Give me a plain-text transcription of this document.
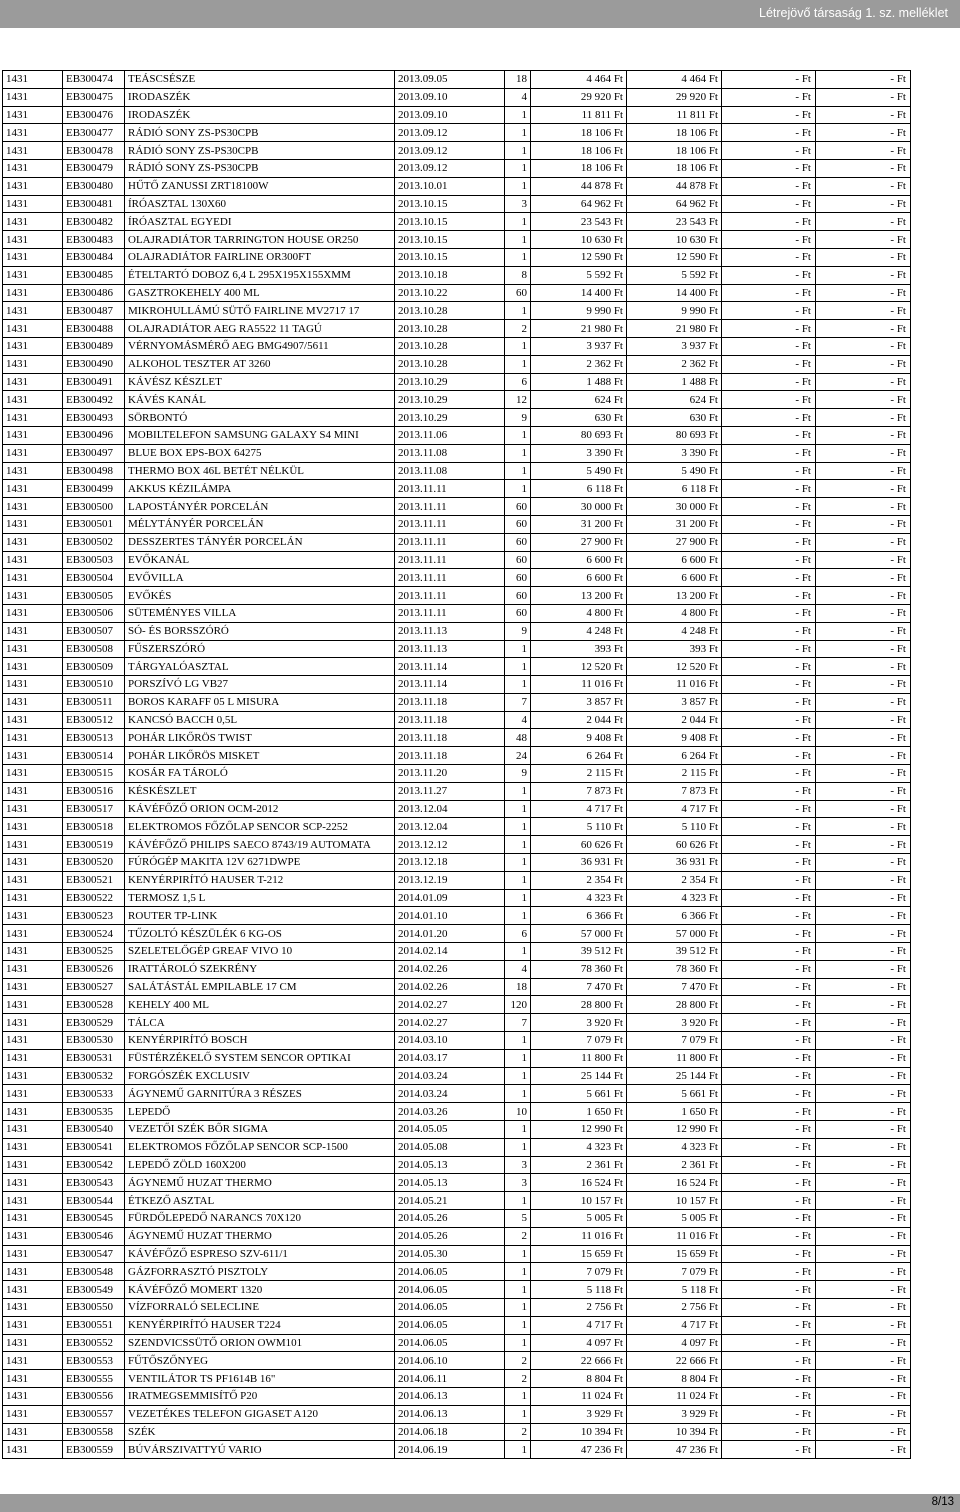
Létrejövő társaság 1. sz. melléklet
1431	EB300474	TEÁSCSÉSZE	2013.09.05	18	4 464 Ft	4 464 Ft	- Ft	- Ft
1431	EB300475	IRODASZÉK	2013.09.10	4	29 920 Ft	29 920 Ft	- Ft	- Ft
1431	EB300476	IRODASZÉK	2013.09.10	1	11 811 Ft	11 811 Ft	- Ft	- Ft
1431	EB300477	RÁDIÓ SONY ZS-PS30CPB	2013.09.12	1	18 106 Ft	18 106 Ft	- Ft	- Ft
1431	EB300478	RÁDIÓ SONY ZS-PS30CPB	2013.09.12	1	18 106 Ft	18 106 Ft	- Ft	- Ft
1431	EB300479	RÁDIÓ SONY ZS-PS30CPB	2013.09.12	1	18 106 Ft	18 106 Ft	- Ft	- Ft
1431	EB300480	HŰTŐ ZANUSSI ZRT18100W	2013.10.01	1	44 878 Ft	44 878 Ft	- Ft	- Ft
1431	EB300481	ÍRÓASZTAL 130X60	2013.10.15	3	64 962 Ft	64 962 Ft	- Ft	- Ft
1431	EB300482	ÍRÓASZTAL EGYEDI	2013.10.15	1	23 543 Ft	23 543 Ft	- Ft	- Ft
1431	EB300483	OLAJRADIÁTOR TARRINGTON HOUSE OR250	2013.10.15	1	10 630 Ft	10 630 Ft	- Ft	- Ft
1431	EB300484	OLAJRADIÁTOR FAIRLINE OR300FT	2013.10.15	1	12 590 Ft	12 590 Ft	- Ft	- Ft
1431	EB300485	ÉTELTARTÓ DOBOZ 6,4 L 295X195X155XMM	2013.10.18	8	5 592 Ft	5 592 Ft	- Ft	- Ft
1431	EB300486	GASZTROKEHELY 400 ML	2013.10.22	60	14 400 Ft	14 400 Ft	- Ft	- Ft
1431	EB300487	MIKROHULLÁMÚ SÜTŐ FAIRLINE MV2717 17	2013.10.28	1	9 990 Ft	9 990 Ft	- Ft	- Ft
1431	EB300488	OLAJRADIÁTOR AEG RA5522 11 TAGÚ	2013.10.28	2	21 980 Ft	21 980 Ft	- Ft	- Ft
1431	EB300489	VÉRNYOMÁSMÉRŐ AEG BMG4907/5611	2013.10.28	1	3 937 Ft	3 937 Ft	- Ft	- Ft
1431	EB300490	ALKOHOL TESZTER AT 3260	2013.10.28	1	2 362 Ft	2 362 Ft	- Ft	- Ft
1431	EB300491	KÁVÉSZ KÉSZLET	2013.10.29	6	1 488 Ft	1 488 Ft	- Ft	- Ft
1431	EB300492	KÁVÉS KANÁL	2013.10.29	12	624 Ft	624 Ft	- Ft	- Ft
1431	EB300493	SÖRBONTÓ	2013.10.29	9	630 Ft	630 Ft	- Ft	- Ft
1431	EB300496	MOBILTELEFON SAMSUNG GALAXY S4 MINI	2013.11.06	1	80 693 Ft	80 693 Ft	- Ft	- Ft
1431	EB300497	BLUE BOX EPS-BOX 64275	2013.11.08	1	3 390 Ft	3 390 Ft	- Ft	- Ft
1431	EB300498	THERMO BOX 46L BETÉT NÉLKÜL	2013.11.08	1	5 490 Ft	5 490 Ft	- Ft	- Ft
1431	EB300499	AKKUS KÉZILÁMPA	2013.11.11	1	6 118 Ft	6 118 Ft	- Ft	- Ft
1431	EB300500	LAPOSTÁNYÉR PORCELÁN	2013.11.11	60	30 000 Ft	30 000 Ft	- Ft	- Ft
1431	EB300501	MÉLYTÁNYÉR PORCELÁN	2013.11.11	60	31 200 Ft	31 200 Ft	- Ft	- Ft
1431	EB300502	DESSZERTES TÁNYÉR PORCELÁN	2013.11.11	60	27 900 Ft	27 900 Ft	- Ft	- Ft
1431	EB300503	EVŐKANÁL	2013.11.11	60	6 600 Ft	6 600 Ft	- Ft	- Ft
1431	EB300504	EVŐVILLA	2013.11.11	60	6 600 Ft	6 600 Ft	- Ft	- Ft
1431	EB300505	EVŐKÉS	2013.11.11	60	13 200 Ft	13 200 Ft	- Ft	- Ft
1431	EB300506	SÜTEMÉNYES VILLA	2013.11.11	60	4 800 Ft	4 800 Ft	- Ft	- Ft
1431	EB300507	SÓ- ÉS BORSSZÓRÓ	2013.11.13	9	4 248 Ft	4 248 Ft	- Ft	- Ft
1431	EB300508	FŰSZERSZÓRÓ	2013.11.13	1	393 Ft	393 Ft	- Ft	- Ft
1431	EB300509	TÁRGYALÓASZTAL	2013.11.14	1	12 520 Ft	12 520 Ft	- Ft	- Ft
1431	EB300510	PORSZÍVÓ LG VB27	2013.11.14	1	11 016 Ft	11 016 Ft	- Ft	- Ft
1431	EB300511	BOROS KARAFF 05 L MISURA	2013.11.18	7	3 857 Ft	3 857 Ft	- Ft	- Ft
1431	EB300512	KANCSÓ BACCH 0,5L	2013.11.18	4	2 044 Ft	2 044 Ft	- Ft	- Ft
1431	EB300513	POHÁR LIKŐRÖS TWIST	2013.11.18	48	9 408 Ft	9 408 Ft	- Ft	- Ft
1431	EB300514	POHÁR LIKŐRÖS MISKET	2013.11.18	24	6 264 Ft	6 264 Ft	- Ft	- Ft
1431	EB300515	KOSÁR FA TÁROLÓ	2013.11.20	9	2 115 Ft	2 115 Ft	- Ft	- Ft
1431	EB300516	KÉSKÉSZLET	2013.11.27	1	7 873 Ft	7 873 Ft	- Ft	- Ft
1431	EB300517	KÁVÉFŐZŐ ORION OCM-2012	2013.12.04	1	4 717 Ft	4 717 Ft	- Ft	- Ft
1431	EB300518	ELEKTROMOS FŐZŐLAP SENCOR SCP-2252	2013.12.04	1	5 110 Ft	5 110 Ft	- Ft	- Ft
1431	EB300519	KÁVÉFŐZŐ PHILIPS SAECO 8743/19 AUTOMATA	2013.12.12	1	60 626 Ft	60 626 Ft	- Ft	- Ft
1431	EB300520	FÚRÓGÉP MAKITA 12V 6271DWPE	2013.12.18	1	36 931 Ft	36 931 Ft	- Ft	- Ft
1431	EB300521	KENYÉRPIRÍTÓ HAUSER T-212	2013.12.19	1	2 354 Ft	2 354 Ft	- Ft	- Ft
1431	EB300522	TERMOSZ 1,5 L	2014.01.09	1	4 323 Ft	4 323 Ft	- Ft	- Ft
1431	EB300523	ROUTER TP-LINK	2014.01.10	1	6 366 Ft	6 366 Ft	- Ft	- Ft
1431	EB300524	TŰZOLTÓ KÉSZÜLÉK 6 KG-OS	2014.01.20	6	57 000 Ft	57 000 Ft	- Ft	- Ft
1431	EB300525	SZELETELŐGÉP GREAF VIVO 10	2014.02.14	1	39 512 Ft	39 512 Ft	- Ft	- Ft
1431	EB300526	IRATTÁROLÓ SZEKRÉNY	2014.02.26	4	78 360 Ft	78 360 Ft	- Ft	- Ft
1431	EB300527	SALÁTÁSTÁL EMPILABLE 17 CM	2014.02.26	18	7 470 Ft	7 470 Ft	- Ft	- Ft
1431	EB300528	KEHELY 400 ML	2014.02.27	120	28 800 Ft	28 800 Ft	- Ft	- Ft
1431	EB300529	TÁLCA	2014.02.27	7	3 920 Ft	3 920 Ft	- Ft	- Ft
1431	EB300530	KENYÉRPIRÍTÓ BOSCH	2014.03.10	1	7 079 Ft	7 079 Ft	- Ft	- Ft
1431	EB300531	FÜSTÉRZÉKELŐ SYSTEM SENCOR OPTIKAI	2014.03.17	1	11 800 Ft	11 800 Ft	- Ft	- Ft
1431	EB300532	FORGÓSZÉK EXCLUSIV	2014.03.24	1	25 144 Ft	25 144 Ft	- Ft	- Ft
1431	EB300533	ÁGYNEMŰ GARNITÚRA 3 RÉSZES	2014.03.24	1	5 661 Ft	5 661 Ft	- Ft	- Ft
1431	EB300535	LEPEDŐ	2014.03.26	10	1 650 Ft	1 650 Ft	- Ft	- Ft
1431	EB300540	VEZETŐI SZÉK BŐR SIGMA	2014.05.05	1	12 990 Ft	12 990 Ft	- Ft	- Ft
1431	EB300541	ELEKTROMOS FŐZŐLAP SENCOR SCP-1500	2014.05.08	1	4 323 Ft	4 323 Ft	- Ft	- Ft
1431	EB300542	LEPEDŐ ZÖLD 160X200	2014.05.13	3	2 361 Ft	2 361 Ft	- Ft	- Ft
1431	EB300543	ÁGYNEMŰ HUZAT THERMO	2014.05.13	3	16 524 Ft	16 524 Ft	- Ft	- Ft
1431	EB300544	ÉTKEZŐ ASZTAL	2014.05.21	1	10 157 Ft	10 157 Ft	- Ft	- Ft
1431	EB300545	FÜRDŐLEPEDŐ NARANCS 70X120	2014.05.26	5	5 005 Ft	5 005 Ft	- Ft	- Ft
1431	EB300546	ÁGYNEMŰ HUZAT THERMO	2014.05.26	2	11 016 Ft	11 016 Ft	- Ft	- Ft
1431	EB300547	KÁVÉFŐZŐ ESPRESO SZV-611/1	2014.05.30	1	15 659 Ft	15 659 Ft	- Ft	- Ft
1431	EB300548	GÁZFORRASZTÓ PISZTOLY	2014.06.05	1	7 079 Ft	7 079 Ft	- Ft	- Ft
1431	EB300549	KÁVÉFŐZŐ MOMERT 1320	2014.06.05	1	5 118 Ft	5 118 Ft	- Ft	- Ft
1431	EB300550	VÍZFORRALÓ SELECLINE	2014.06.05	1	2 756 Ft	2 756 Ft	- Ft	- Ft
1431	EB300551	KENYÉRPIRÍTÓ HAUSER T224	2014.06.05	1	4 717 Ft	4 717 Ft	- Ft	- Ft
1431	EB300552	SZENDVICSSÜTŐ ORION OWM101	2014.06.05	1	4 097 Ft	4 097 Ft	- Ft	- Ft
1431	EB300553	FŰTŐSZŐNYEG	2014.06.10	2	22 666 Ft	22 666 Ft	- Ft	- Ft
1431	EB300555	VENTILÁTOR TS PF1614B 16"	2014.06.11	2	8 804 Ft	8 804 Ft	- Ft	- Ft
1431	EB300556	IRATMEGSEMMISÍTŐ P20	2014.06.13	1	11 024 Ft	11 024 Ft	- Ft	- Ft
1431	EB300557	VEZETÉKES TELEFON GIGASET A120	2014.06.13	1	3 929 Ft	3 929 Ft	- Ft	- Ft
1431	EB300558	SZÉK	2014.06.18	2	10 394 Ft	10 394 Ft	- Ft	- Ft
1431	EB300559	BÚVÁRSZIVATTYÚ VARIO	2014.06.19	1	47 236 Ft	47 236 Ft	- Ft	- Ft
8/13
